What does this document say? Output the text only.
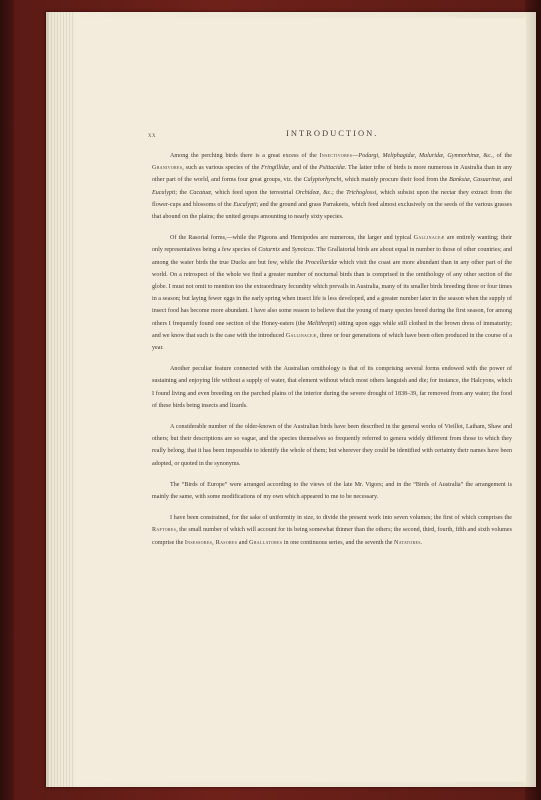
xx	INTRODUCTION.

Among the perching birds there is a great excess of the Insectivores—Podargi, Meliphagidæ, Maluridæ, Gymnorhinæ, &c., of the Granivores, such as various species of the Fringillidæ, and of the Psittacidæ. The latter tribe of birds is more numerous in Australia than in any other part of the world, and forms four great groups, viz. the Calyptorhynchi, which mainly procure their food from the Banksiæ, Casuarinæ, and Eucalypti; the Cacatuæ, which feed upon the terrestrial Orchideæ, &c.; the Trichoglossi, which subsist upon the nectar they extract from the flower-cups and blossoms of the Eucalypti; and the ground and grass Parrakeets, which feed almost exclusively on the seeds of the various grasses that abound on the plains; the united groups amounting to nearly sixty species.

Of the Rasorial forms,—while the Pigeons and Hemipodes are numerous, the larger and typical Gallinaceæ are entirely wanting; their only representatives being a few species of Coturnix and Synoicus. The Grallatorial birds are about equal in number to those of other countries; and among the water birds the true Ducks are but few, while the Procellaridæ which visit the coast are more abundant than in any other part of the world. On a retrospect of the whole we find a greater number of nocturnal birds than is comprised in the ornithology of any other section of the globe. I must not omit to mention too the extraordinary fecundity which prevails in Australia, many of its smaller birds breeding three or four times in a season; but laying fewer eggs in the early spring when insect life is less developed, and a greater number later in the season when the supply of insect food has become more abundant. I have also some reason to believe that the young of many species breed during the first season, for among others I frequently found one section of the Honey-eaters (the Melithrepti) sitting upon eggs while still clothed in the brown dress of immaturity; and we know that such is the case with the introduced Gallinaceæ, three or four generations of which have been often produced in the course of a year.

Another peculiar feature connected with the Australian ornithology is that of its comprising several forms endowed with the power of sustaining and enjoying life without a supply of water, that element without which most others languish and die; for instance, the Halcyons, which I found living and even breeding on the parched plains of the interior during the severe drought of 1838–39, far removed from any water; the food of these birds being insects and lizards.

A considerable number of the older-known of the Australian birds have been described in the general works of Vieillot, Latham, Shaw and others; but their descriptions are so vague, and the species themselves so frequently referred to genera widely different from those to which they really belong, that it has been impossible to identify the whole of them; but wherever they could be identified with certainty their names have been adopted, or quoted in the synonyms.

The “Birds of Europe” were arranged according to the views of the late Mr. Vigors; and in the “Birds of Australia” the arrangement is mainly the same, with some modifications of my own which appeared to me to be necessary.

I have been constrained, for the sake of uniformity in size, to divide the present work into seven volumes; the first of which comprises the Raptores, the small number of which will account for its being somewhat thinner than the others; the second, third, fourth, fifth and sixth volumes comprise the Insessores, Rasores and Grallatores in one continuous series, and the seventh the Natatores.
